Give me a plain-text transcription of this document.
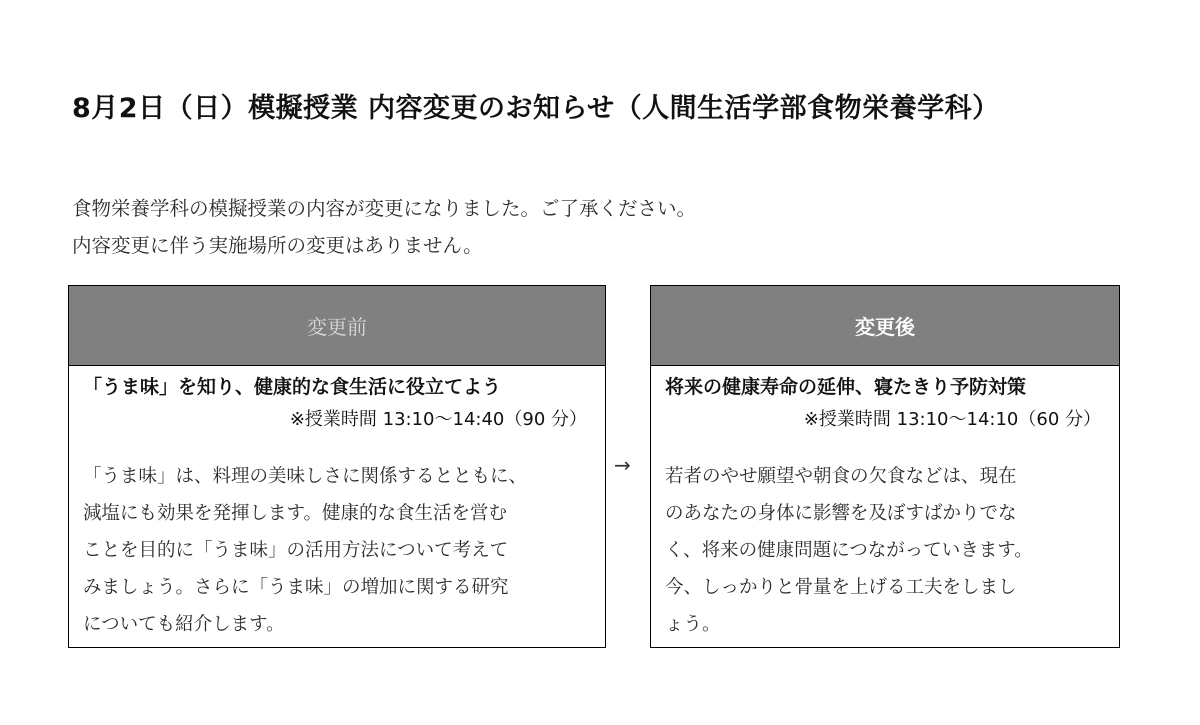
8月2日（日）模擬授業 内容変更のお知らせ（人間生活学部食物栄養学科）
食物栄養学科の模擬授業の内容が変更になりました。ご了承ください。
内容変更に伴う実施場所の変更はありません。
変更前
「うま味」を知り、健康的な食生活に役立てよう
※授業時間 13:10～14:40（90 分）
「うま味」は、料理の美味しさに関係するとともに、
減塩にも効果を発揮します。健康的な食生活を営む
ことを目的に「うま味」の活用方法について考えて
みましょう。さらに「うま味」の増加に関する研究
についても紹介します。
→
変更後
将来の健康寿命の延伸、寝たきり予防対策
※授業時間 13:10～14:10（60 分）
若者のやせ願望や朝食の欠食などは、現在
のあなたの身体に影響を及ぼすばかりでな
く、将来の健康問題につながっていきます。
今、しっかりと骨量を上げる工夫をしまし
ょう。
